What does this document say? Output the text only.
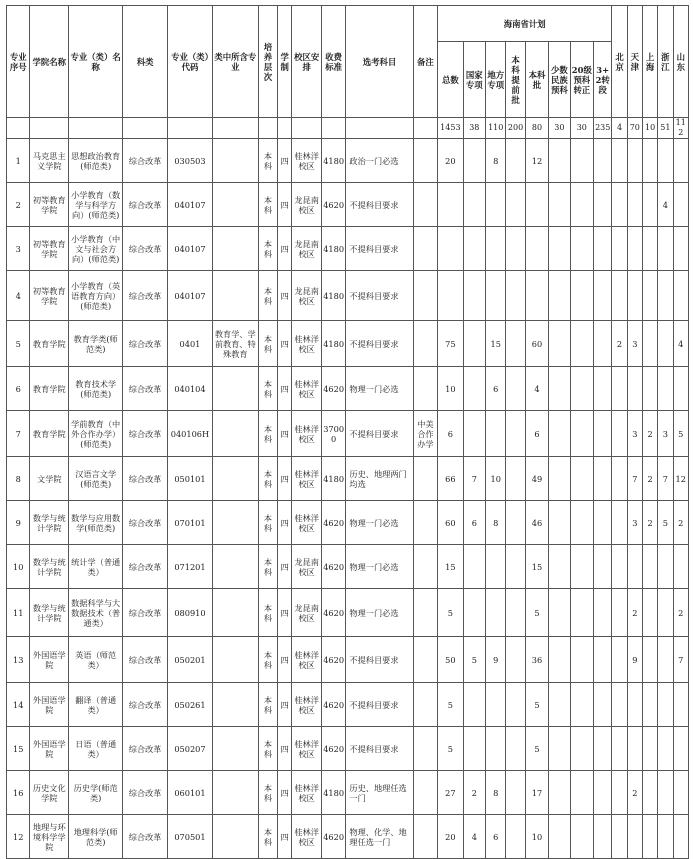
专业序号	学院名称	专业（类）名称	科类	专业（类）代码	类中所含专业	培养层次	学制	校区安排	收费标准	选考科目	备注	海南省计划								北京	天津	上海	浙江	山东
												总数	国家专项	地方专项	本科提前批	本科批	少数民族预科	20级预科转正	3+2转段					
												1453	38	110	200	80	30	30	235	4	70	10	51	112
1	马克思主义学院	思想政治教育(师范类)	综合改革	030503		本科	四	桂林洋校区	4180	政治一门必选		20		8		12								
2	初等教育学院	小学教育（数学与科学方向）(师范类)	综合改革	040107		本科	四	龙昆南校区	4620	不提科目要求													4	
3	初等教育学院	小学教育（中文与社会方向）(师范类)	综合改革	040107		本科	四	龙昆南校区	4180	不提科目要求														
4	初等教育学院	小学教育（英语教育方向）(师范类)	综合改革	040107		本科	四	龙昆南校区	4180	不提科目要求														
5	教育学院	教育学类(师范类)	综合改革	0401	教育学、学前教育、特殊教育	本科	四	桂林洋校区	4180	不提科目要求		75		15		60				2	3			4
6	教育学院	教育技术学(师范类)	综合改革	040104		本科	四	桂林洋校区	4620	物理一门必选		10		6		4								
7	教育学院	学前教育（中外合作办学）(师范类)	综合改革	040106H		本科	四	桂林洋校区	37000	不提科目要求	中美合作办学	6				6					3	2	3	5
8	文学院	汉语言文学(师范类)	综合改革	050101		本科	四	桂林洋校区	4180	历史、地理两门均选		66	7	10		49					7	2	7	12
9	数学与统计学院	数学与应用数学(师范类)	综合改革	070101		本科	四	桂林洋校区	4620	物理一门必选		60	6	8		46					3	2	5	2
10	数学与统计学院	统计学（普通类）	综合改革	071201		本科	四	龙昆南校区	4620	物理一门必选		15				15								
11	数学与统计学院	数据科学与大数据技术（普通类）	综合改革	080910		本科	四	龙昆南校区	4620	物理一门必选		5				5					2			2
13	外国语学院	英语（师范类）	综合改革	050201		本科	四	桂林洋校区	4620	不提科目要求		50	5	9		36					9			7
14	外国语学院	翻译（普通类）	综合改革	050261		本科	四	桂林洋校区	4620	不提科目要求		5				5								
15	外国语学院	日语（普通类）	综合改革	050207		本科	四	桂林洋校区	4620	不提科目要求		5				5								
16	历史文化学院	历史学(师范类)	综合改革	060101		本科	四	桂林洋校区	4180	历史、地理任选一门		27	2	8		17					2			
12	地理与环境科学学院	地理科学(师范类)	综合改革	070501		本科	四	桂林洋校区	4620	物理、化学、地理任选一门		20	4	6		10								
